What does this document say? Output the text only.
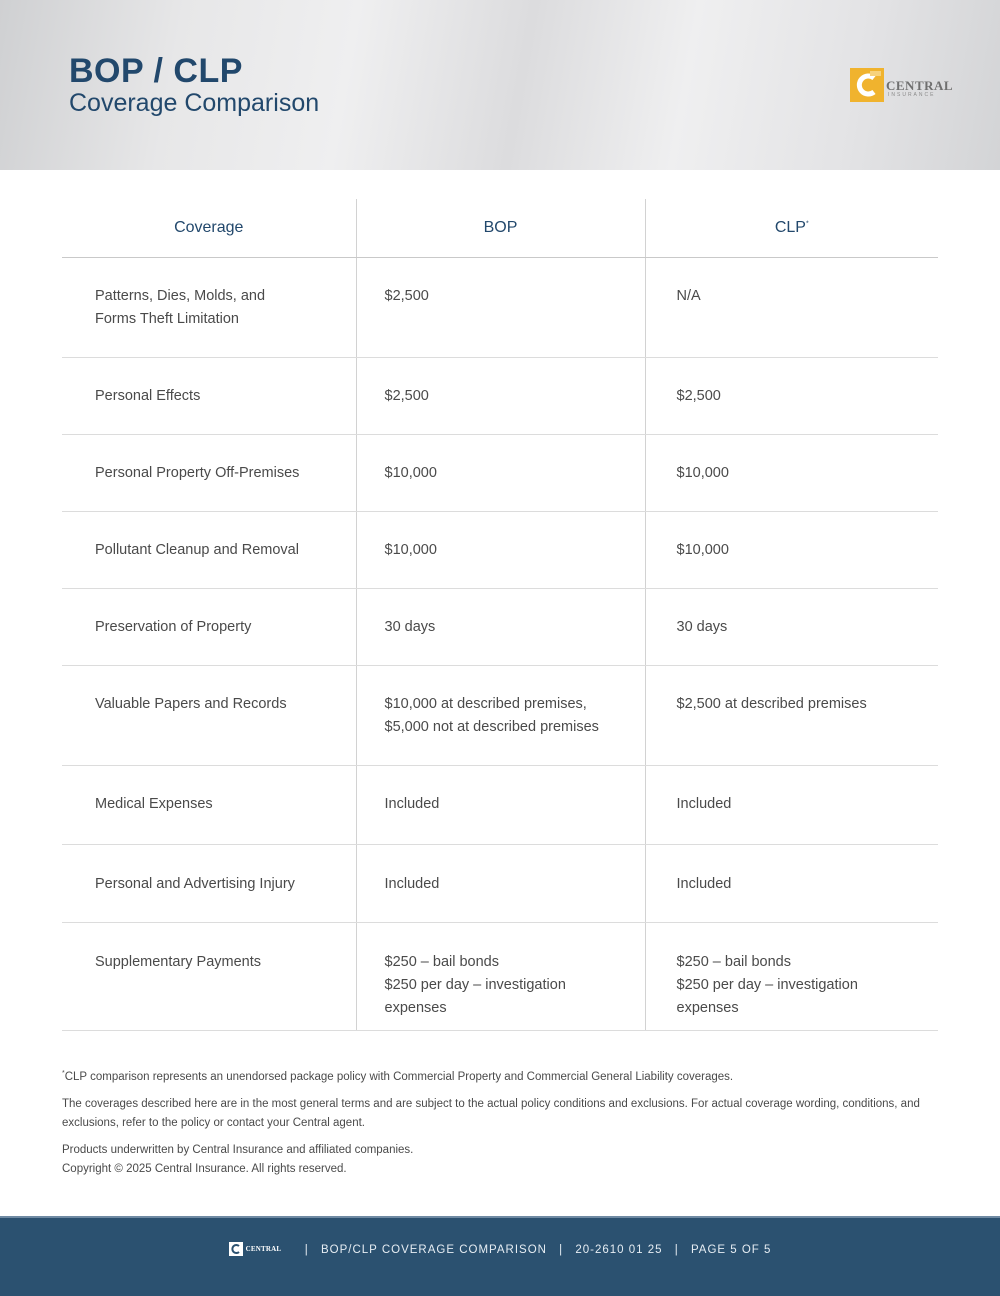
BOP / CLP
Coverage Comparison
CENTRAL
INSURANCE
Coverage	BOP	CLP*

Patterns, Dies, Molds, and
Forms Theft Limitation	$2,500	N/A

Personal Effects	$2,500	$2,500

Personal Property Off-Premises	$10,000	$10,000

Pollutant Cleanup and Removal	$10,000	$10,000

Preservation of Property	30 days	30 days

Valuable Papers and Records	$10,000 at described premises,
$5,000 not at described premises	$2,500 at described premises

Medical Expenses	Included	Included

Personal and Advertising Injury	Included	Included

Supplementary Payments	$250 – bail bonds
$250 per day – investigation
expenses	$250 – bail bonds
$250 per day – investigation
expenses

*CLP comparison represents an unendorsed package policy with Commercial Property and Commercial General Liability coverages.

The coverages described here are in the most general terms and are subject to the actual policy conditions and exclusions. For actual coverage wording, conditions, and exclusions, refer to the policy or contact your Central agent.

Products underwritten by Central Insurance and affiliated companies.

Copyright © 2025 Central Insurance. All rights reserved.

CENTRAL | BOP/CLP COVERAGE COMPARISON | 20-2610 01 25 | PAGE 5 OF 5
